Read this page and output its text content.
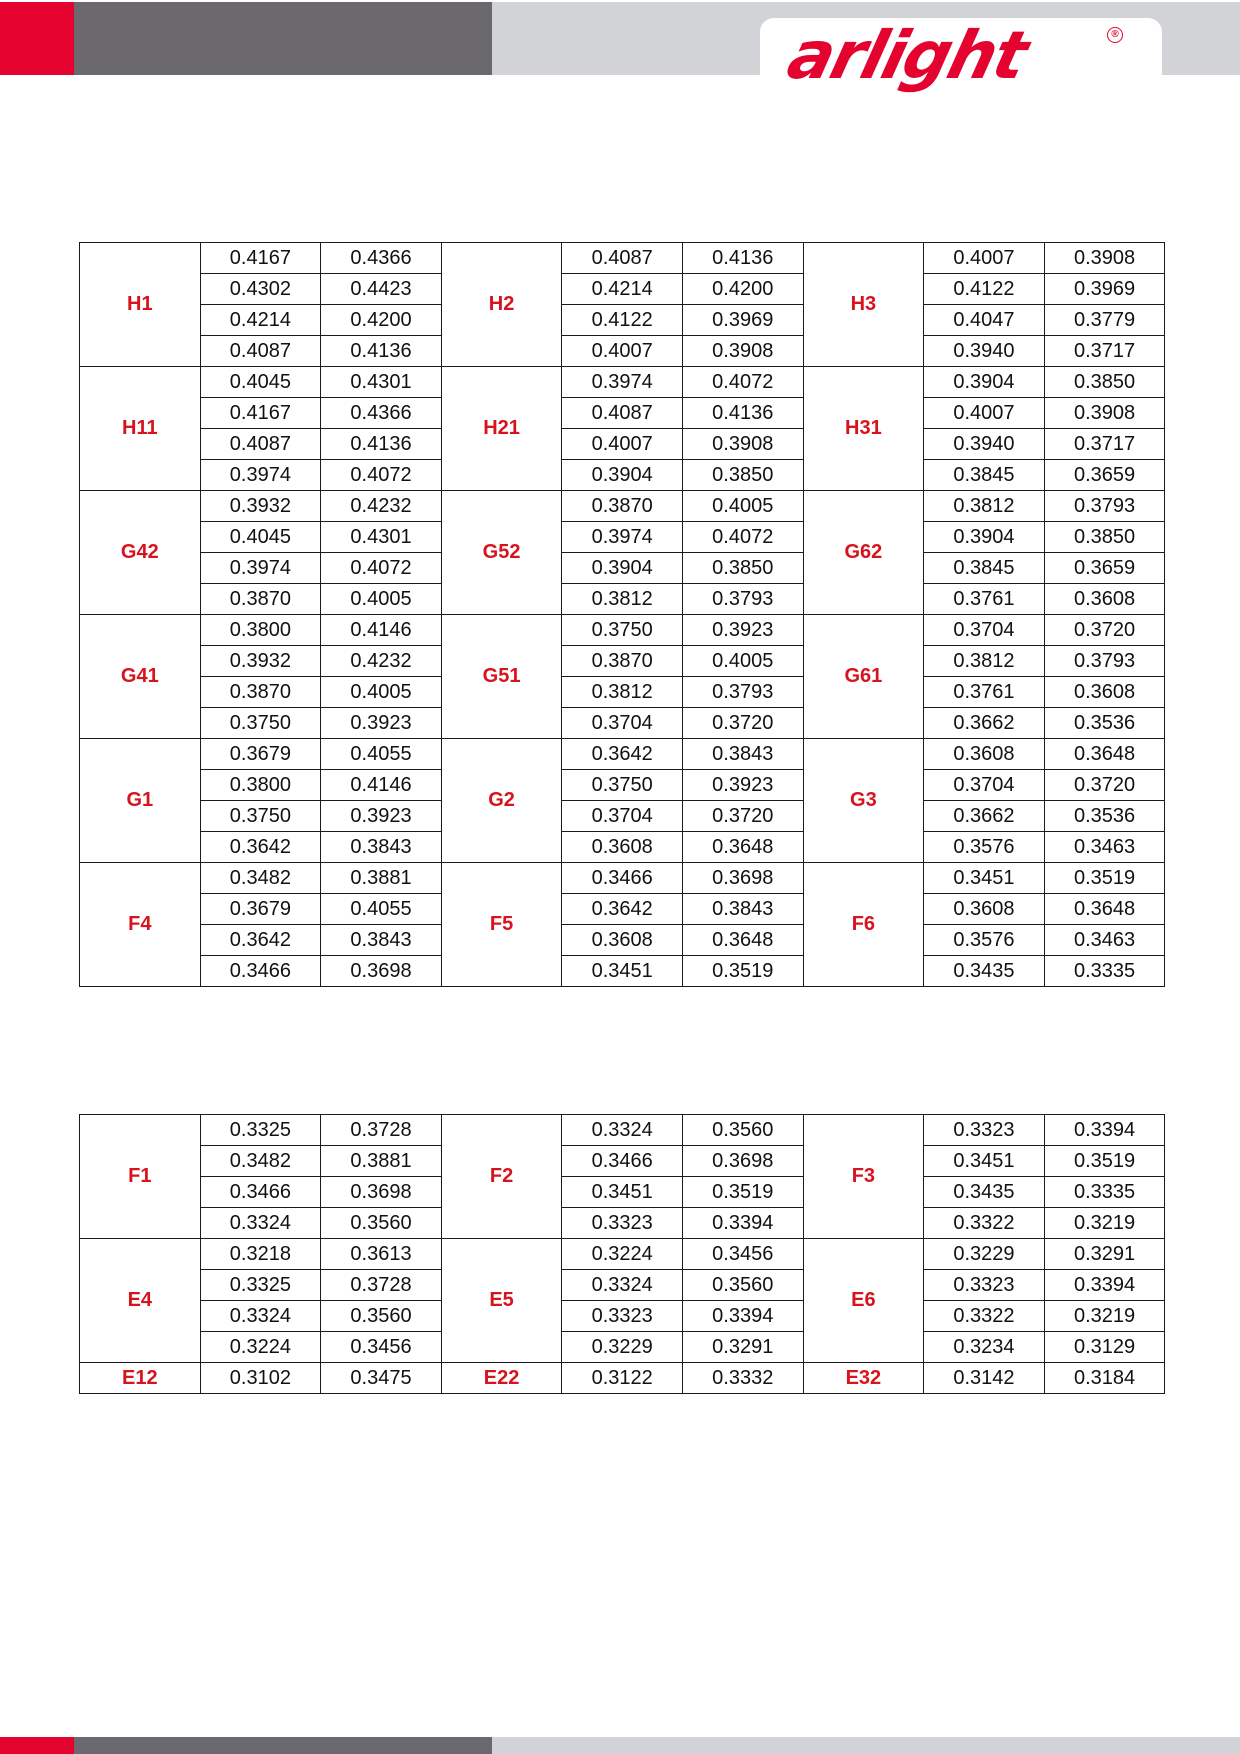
arlight	®
H1	0.4167	0.4366	H2	0.4087	0.4136	H3	0.4007	0.3908
	0.4302	0.4423		0.4214	0.4200		0.4122	0.3969
	0.4214	0.4200		0.4122	0.3969		0.4047	0.3779
	0.4087	0.4136		0.4007	0.3908		0.3940	0.3717
H11	0.4045	0.4301	H21	0.3974	0.4072	H31	0.3904	0.3850
	0.4167	0.4366		0.4087	0.4136		0.4007	0.3908
	0.4087	0.4136		0.4007	0.3908		0.3940	0.3717
	0.3974	0.4072		0.3904	0.3850		0.3845	0.3659
G42	0.3932	0.4232	G52	0.3870	0.4005	G62	0.3812	0.3793
	0.4045	0.4301		0.3974	0.4072		0.3904	0.3850
	0.3974	0.4072		0.3904	0.3850		0.3845	0.3659
	0.3870	0.4005		0.3812	0.3793		0.3761	0.3608
G41	0.3800	0.4146	G51	0.3750	0.3923	G61	0.3704	0.3720
	0.3932	0.4232		0.3870	0.4005		0.3812	0.3793
	0.3870	0.4005		0.3812	0.3793		0.3761	0.3608
	0.3750	0.3923		0.3704	0.3720		0.3662	0.3536
G1	0.3679	0.4055	G2	0.3642	0.3843	G3	0.3608	0.3648
	0.3800	0.4146		0.3750	0.3923		0.3704	0.3720
	0.3750	0.3923		0.3704	0.3720		0.3662	0.3536
	0.3642	0.3843		0.3608	0.3648		0.3576	0.3463
F4	0.3482	0.3881	F5	0.3466	0.3698	F6	0.3451	0.3519
	0.3679	0.4055		0.3642	0.3843		0.3608	0.3648
	0.3642	0.3843		0.3608	0.3648		0.3576	0.3463
	0.3466	0.3698		0.3451	0.3519		0.3435	0.3335
F1	0.3325	0.3728	F2	0.3324	0.3560	F3	0.3323	0.3394
	0.3482	0.3881		0.3466	0.3698		0.3451	0.3519
	0.3466	0.3698		0.3451	0.3519		0.3435	0.3335
	0.3324	0.3560		0.3323	0.3394		0.3322	0.3219
E4	0.3218	0.3613	E5	0.3224	0.3456	E6	0.3229	0.3291
	0.3325	0.3728		0.3324	0.3560		0.3323	0.3394
	0.3324	0.3560		0.3323	0.3394		0.3322	0.3219
	0.3224	0.3456		0.3229	0.3291		0.3234	0.3129
E12	0.3102	0.3475	E22	0.3122	0.3332	E32	0.3142	0.3184
